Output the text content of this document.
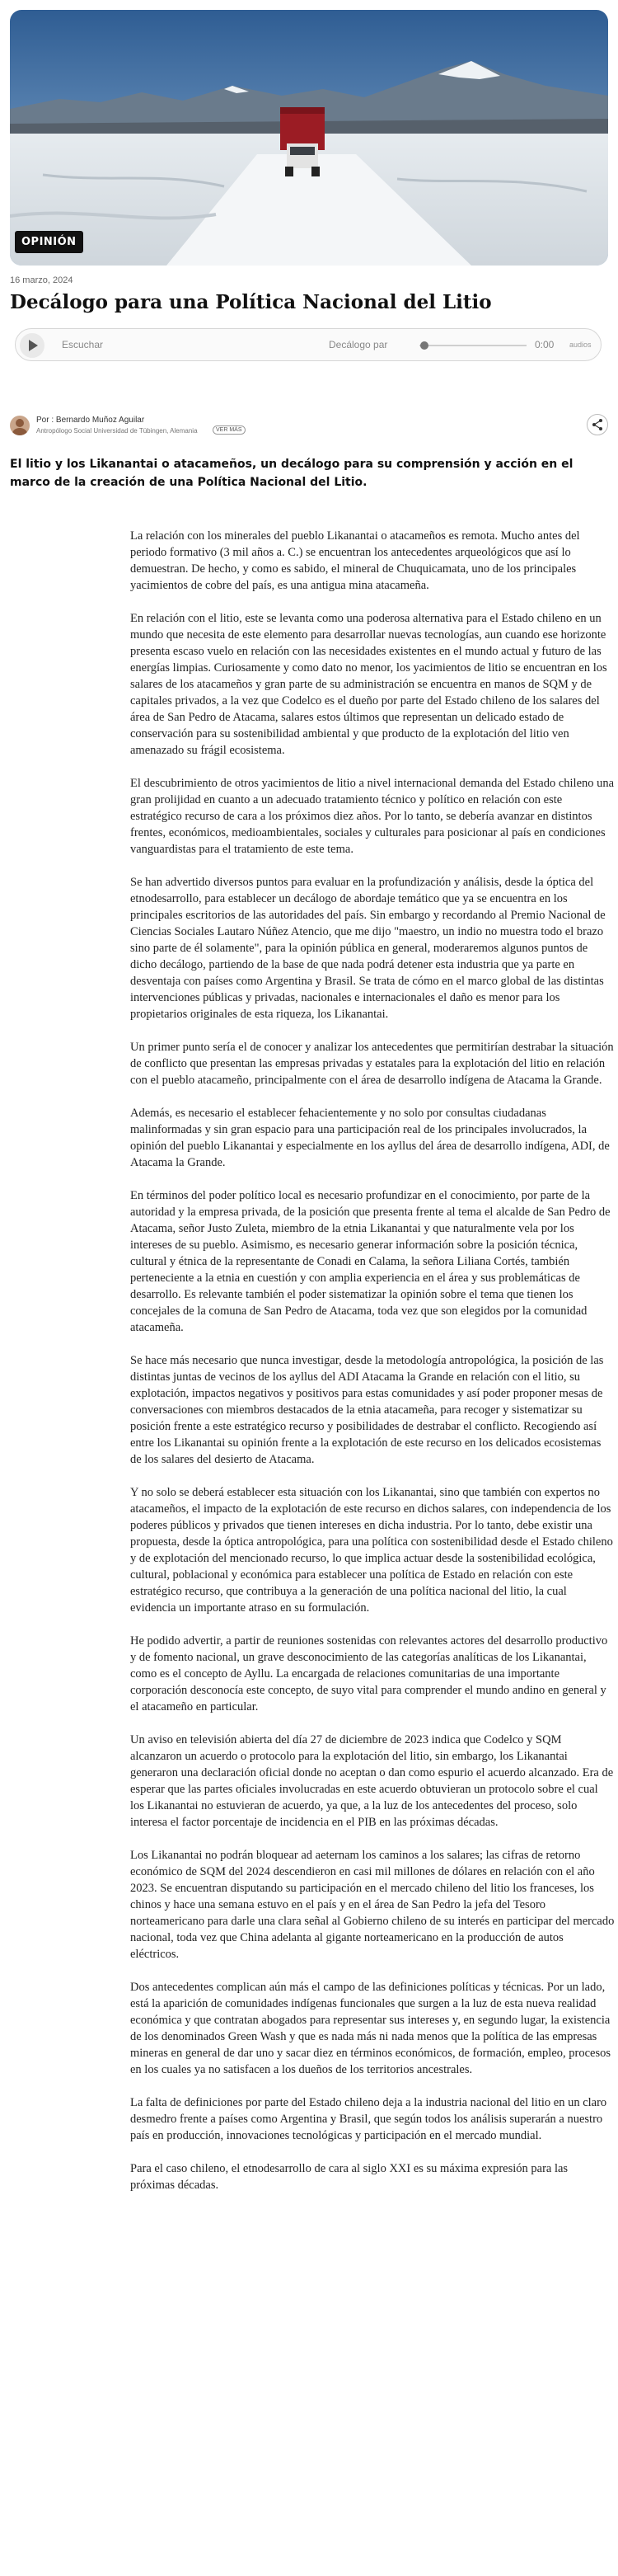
OPINIÓN
16 marzo, 2024
Decálogo para una Política Nacional del Litio
Escuchar	Decálogo par	0:00 audios
Por : Bernardo Muñoz Aguilar
Antropólogo Social Universidad de Tübingen, Alemania	VER MÁS

El litio y los Likanantai o atacameños, un decálogo para su comprensión y acción en el marco de la creación de una Política Nacional del Litio.

La relación con los minerales del pueblo Likanantai o atacameños es remota. Mucho antes del periodo formativo (3 mil años a. C.) se encuentran los antecedentes arqueológicos que así lo demuestran. De hecho, y como es sabido, el mineral de Chuquicamata, uno de los principales yacimientos de cobre del país, es una antigua mina atacameña.

En relación con el litio, este se levanta como una poderosa alternativa para el Estado chileno en un mundo que necesita de este elemento para desarrollar nuevas tecnologías, aun cuando ese horizonte presenta escaso vuelo en relación con las necesidades existentes en el mundo actual y futuro de las energías limpias. Curiosamente y como dato no menor, los yacimientos de litio se encuentran en los salares de los atacameños y gran parte de su administración se encuentra en manos de SQM y de capitales privados, a la vez que Codelco es el dueño por parte del Estado chileno de los salares del área de San Pedro de Atacama, salares estos últimos que representan un delicado estado de conservación para su sostenibilidad ambiental y que producto de la explotación del litio ven amenazado su frágil ecosistema.

El descubrimiento de otros yacimientos de litio a nivel internacional demanda del Estado chileno una gran prolijidad en cuanto a un adecuado tratamiento técnico y político en relación con este estratégico recurso de cara a los próximos diez años. Por lo tanto, se debería avanzar en distintos frentes, económicos, medioambientales, sociales y culturales para posicionar al país en condiciones vanguardistas para el tratamiento de este tema.

Se han advertido diversos puntos para evaluar en la profundización y análisis, desde la óptica del etnodesarrollo, para establecer un decálogo de abordaje temático que ya se encuentra en los principales escritorios de las autoridades del país. Sin embargo y recordando al Premio Nacional de Ciencias Sociales Lautaro Núñez Atencio, que me dijo "maestro, un indio no muestra todo el brazo sino parte de él solamente", para la opinión pública en general, moderaremos algunos puntos de dicho decálogo, partiendo de la base de que nada podrá detener esta industria que ya parte en desventaja con países como Argentina y Brasil. Se trata de cómo en el marco global de las distintas intervenciones públicas y privadas, nacionales e internacionales el daño es menor para los propietarios originales de esta riqueza, los Likanantai.

Un primer punto sería el de conocer y analizar los antecedentes que permitirían destrabar la situación de conflicto que presentan las empresas privadas y estatales para la explotación del litio en relación con el pueblo atacameño, principalmente con el área de desarrollo indígena de Atacama la Grande.

Además, es necesario el establecer fehacientemente y no solo por consultas ciudadanas malinformadas y sin gran espacio para una participación real de los principales involucrados, la opinión del pueblo Likanantai y especialmente en los ayllus del área de desarrollo indígena, ADI, de Atacama la Grande.

En términos del poder político local es necesario profundizar en el conocimiento, por parte de la autoridad y la empresa privada, de la posición que presenta frente al tema el alcalde de San Pedro de Atacama, señor Justo Zuleta, miembro de la etnia Likanantai y que naturalmente vela por los intereses de su pueblo. Asimismo, es necesario generar información sobre la posición técnica, cultural y étnica de la representante de Conadi en Calama, la señora Liliana Cortés, también perteneciente a la etnia en cuestión y con amplia experiencia en el área y sus problemáticas de desarrollo. Es relevante también el poder sistematizar la opinión sobre el tema que tienen los concejales de la comuna de San Pedro de Atacama, toda vez que son elegidos por la comunidad atacameña.

Se hace más necesario que nunca investigar, desde la metodología antropológica, la posición de las distintas juntas de vecinos de los ayllus del ADI Atacama la Grande en relación con el litio, su explotación, impactos negativos y positivos para estas comunidades y así poder proponer mesas de conversaciones con miembros destacados de la etnia atacameña, para recoger y sistematizar su posición frente a este estratégico recurso y posibilidades de destrabar el conflicto. Recogiendo así entre los Likanantai su opinión frente a la explotación de este recurso en los delicados ecosistemas de los salares del desierto de Atacama.

Y no solo se deberá establecer esta situación con los Likanantai, sino que también con expertos no atacameños, el impacto de la explotación de este recurso en dichos salares, con independencia de los poderes públicos y privados que tienen intereses en dicha industria. Por lo tanto, debe existir una propuesta, desde la óptica antropológica, para una política con sostenibilidad desde el Estado chileno y de explotación del mencionado recurso, lo que implica actuar desde la sostenibilidad ecológica, cultural, poblacional y económica para establecer una política de Estado en relación con este estratégico recurso, que contribuya a la generación de una política nacional del litio, la cual evidencia un importante atraso en su formulación.

He podido advertir, a partir de reuniones sostenidas con relevantes actores del desarrollo productivo y de fomento nacional, un grave desconocimiento de las categorías analíticas de los Likanantai, como es el concepto de Ayllu. La encargada de relaciones comunitarias de una importante corporación desconocía este concepto, de suyo vital para comprender el mundo andino en general y el atacameño en particular.

Un aviso en televisión abierta del día 27 de diciembre de 2023 indica que Codelco y SQM alcanzaron un acuerdo o protocolo para la explotación del litio, sin embargo, los Likanantai generaron una declaración oficial donde no aceptan o dan como espurio el acuerdo alcanzado. Era de esperar que las partes oficiales involucradas en este acuerdo obtuvieran un protocolo sobre el cual los Likanantai no estuvieran de acuerdo, ya que, a la luz de los antecedentes del proceso, solo interesa el factor porcentaje de incidencia en el PIB en las próximas décadas.

Los Likanantai no podrán bloquear ad aeternam los caminos a los salares; las cifras de retorno económico de SQM del 2024 descendieron en casi mil millones de dólares en relación con el año 2023. Se encuentran disputando su participación en el mercado chileno del litio los franceses, los chinos y hace una semana estuvo en el país y en el área de San Pedro la jefa del Tesoro norteamericano para darle una clara señal al Gobierno chileno de su interés en participar del mercado nacional, toda vez que China adelanta al gigante norteamericano en la producción de autos eléctricos.

Dos antecedentes complican aún más el campo de las definiciones políticas y técnicas. Por un lado, está la aparición de comunidades indígenas funcionales que surgen a la luz de esta nueva realidad económica y que contratan abogados para representar sus intereses y, en segundo lugar, la existencia de los denominados Green Wash y que es nada más ni nada menos que la política de las empresas mineras en general de dar uno y sacar diez en términos económicos, de formación, empleo, procesos en los cuales ya no satisfacen a los dueños de los territorios ancestrales.

La falta de definiciones por parte del Estado chileno deja a la industria nacional del litio en un claro desmedro frente a países como Argentina y Brasil, que según todos los análisis superarán a nuestro país en producción, innovaciones tecnológicas y participación en el mercado mundial.

Para el caso chileno, el etnodesarrollo de cara al siglo XXI es su máxima expresión para las próximas décadas.
